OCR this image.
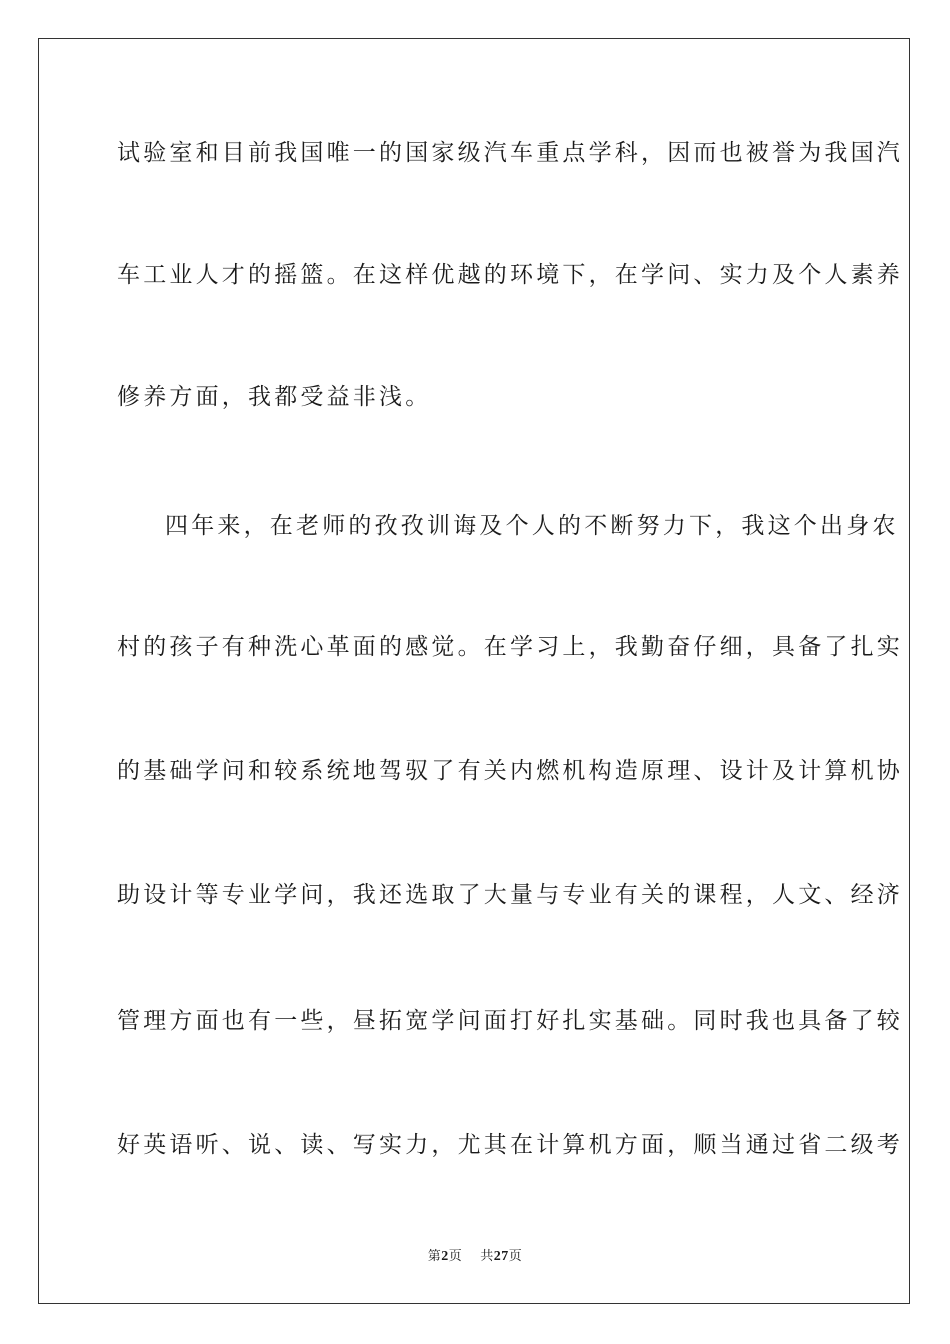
试验室和目前我国唯一的国家级汽车重点学科，因而也被誉为我国汽
车工业人才的摇篮。在这样优越的环境下，在学问、实力及个人素养
修养方面，我都受益非浅。
四年来，在老师的孜孜训诲及个人的不断努力下，我这个出身农
村的孩子有种洗心革面的感觉。在学习上，我勤奋仔细，具备了扎实
的基础学问和较系统地驾驭了有关内燃机构造原理、设计及计算机协
助设计等专业学问，我还选取了大量与专业有关的课程，人文、经济
管理方面也有一些，昼拓宽学问面打好扎实基础。同时我也具备了较
好英语听、说、读、写实力，尤其在计算机方面，顺当通过省二级考
第2页 共27页
